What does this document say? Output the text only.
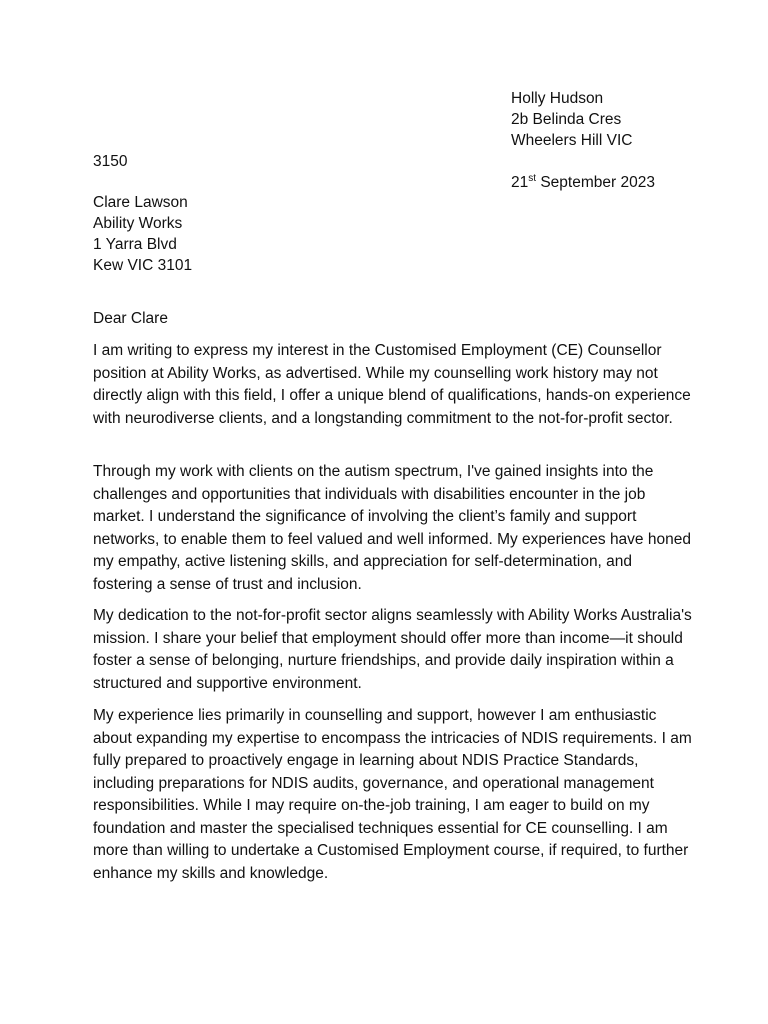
Holly Hudson
2b Belinda Cres
Wheelers Hill VIC
3150
21st September 2023
Clare Lawson
Ability Works
1 Yarra Blvd
Kew VIC 3101
Dear Clare

I am writing to express my interest in the Customised Employment (CE) Counsellor position at Ability Works, as advertised. While my counselling work history may not directly align with this field, I offer a unique blend of qualifications, hands-on experience with neurodiverse clients, and a longstanding commitment to the not-for-profit sector.

Through my work with clients on the autism spectrum, I've gained insights into the challenges and opportunities that individuals with disabilities encounter in the job market. I understand the significance of involving the client’s family and support networks, to enable them to feel valued and well informed. My experiences have honed my empathy, active listening skills, and appreciation for self-determination, and fostering a sense of trust and inclusion.

My dedication to the not-for-profit sector aligns seamlessly with Ability Works Australia's mission. I share your belief that employment should offer more than income—it should foster a sense of belonging, nurture friendships, and provide daily inspiration within a structured and supportive environment.

My experience lies primarily in counselling and support, however I am enthusiastic about expanding my expertise to encompass the intricacies of NDIS requirements. I am fully prepared to proactively engage in learning about NDIS Practice Standards, including preparations for NDIS audits, governance, and operational management responsibilities. While I may require on-the-job training, I am eager to build on my foundation and master the specialised techniques essential for CE counselling. I am more than willing to undertake a Customised Employment course, if required, to further enhance my skills and knowledge.
